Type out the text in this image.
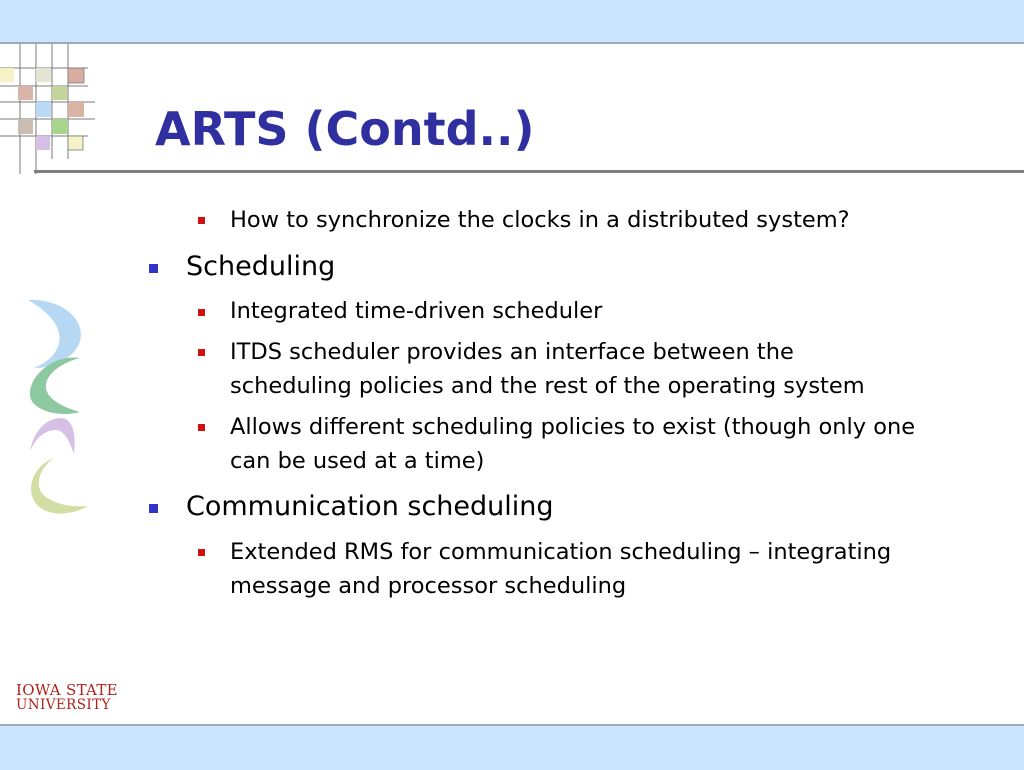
ARTS (Contd..)
How to synchronize the clocks in a distributed system?
Scheduling
Integrated time-driven scheduler
ITDS scheduler provides an interface between the
scheduling policies and the rest of the operating system
Allows different scheduling policies to exist (though only one
can be used at a time)
Communication scheduling
Extended RMS for communication scheduling – integrating
message and processor scheduling
IOWA STATE
UNIVERSITY
